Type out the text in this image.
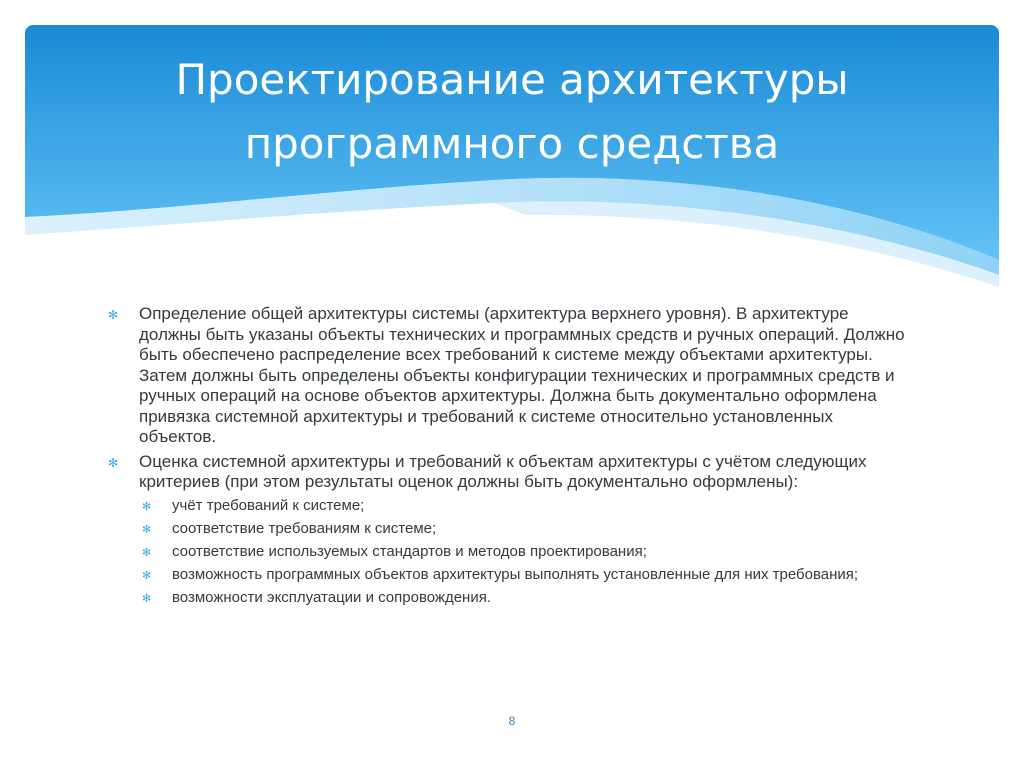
Проектирование архитектуры
программного средства
✻ Определение общей архитектуры системы (архитектура верхнего уровня). В архитектуре должны быть указаны объекты технических и программных средств и ручных операций. Должно быть обеспечено распределение всех требований к системе между объектами архитектуры. Затем должны быть определены объекты конфигурации технических и программных средств и ручных операций на основе объектов архитектуры. Должна быть документально оформлена привязка системной архитектуры и требований к системе относительно установленных объектов.
✻ Оценка системной архитектуры и требований к объектам архитектуры с учётом следующих критериев (при этом результаты оценок должны быть документально оформлены):
✻ учёт требований к системе;
✻ соответствие требованиям к системе;
✻ соответствие используемых стандартов и методов проектирования;
✻ возможность программных объектов архитектуры выполнять установленные для них требования;
✻ возможности эксплуатации и сопровождения.
8
